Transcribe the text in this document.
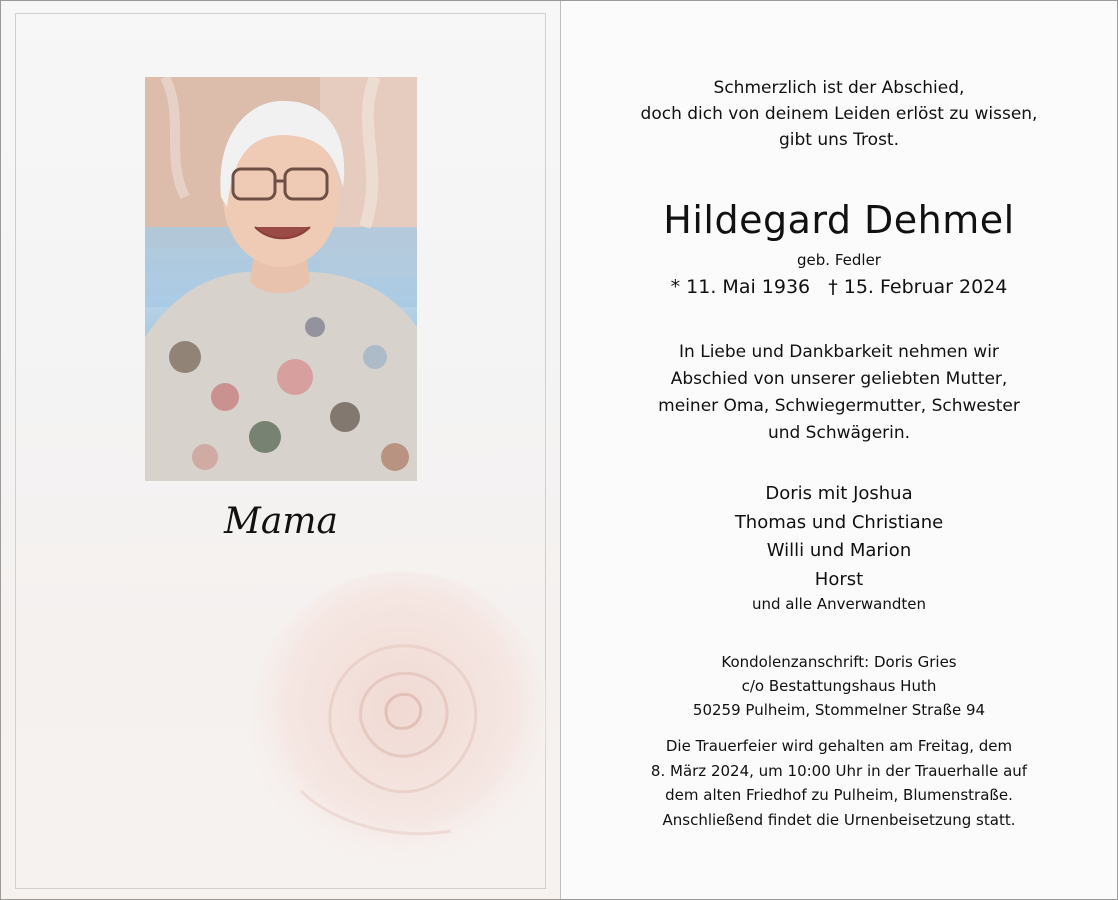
Mama
Schmerzlich ist der Abschied,
doch dich von deinem Leiden erlöst zu wissen,
gibt uns Trost.
Hildegard Dehmel
geb. Fedler
* 11. Mai 1936 † 15. Februar 2024
In Liebe und Dankbarkeit nehmen wir
Abschied von unserer geliebten Mutter,
meiner Oma, Schwiegermutter, Schwester
und Schwägerin.
Doris mit Joshua
Thomas und Christiane
Willi und Marion
Horst
und alle Anverwandten
Kondolenzanschrift: Doris Gries
c/o Bestattungshaus Huth
50259 Pulheim, Stommelner Straße 94
Die Trauerfeier wird gehalten am Freitag, dem
8. März 2024, um 10:00 Uhr in der Trauerhalle auf
dem alten Friedhof zu Pulheim, Blumenstraße.
Anschließend findet die Urnenbeisetzung statt.
